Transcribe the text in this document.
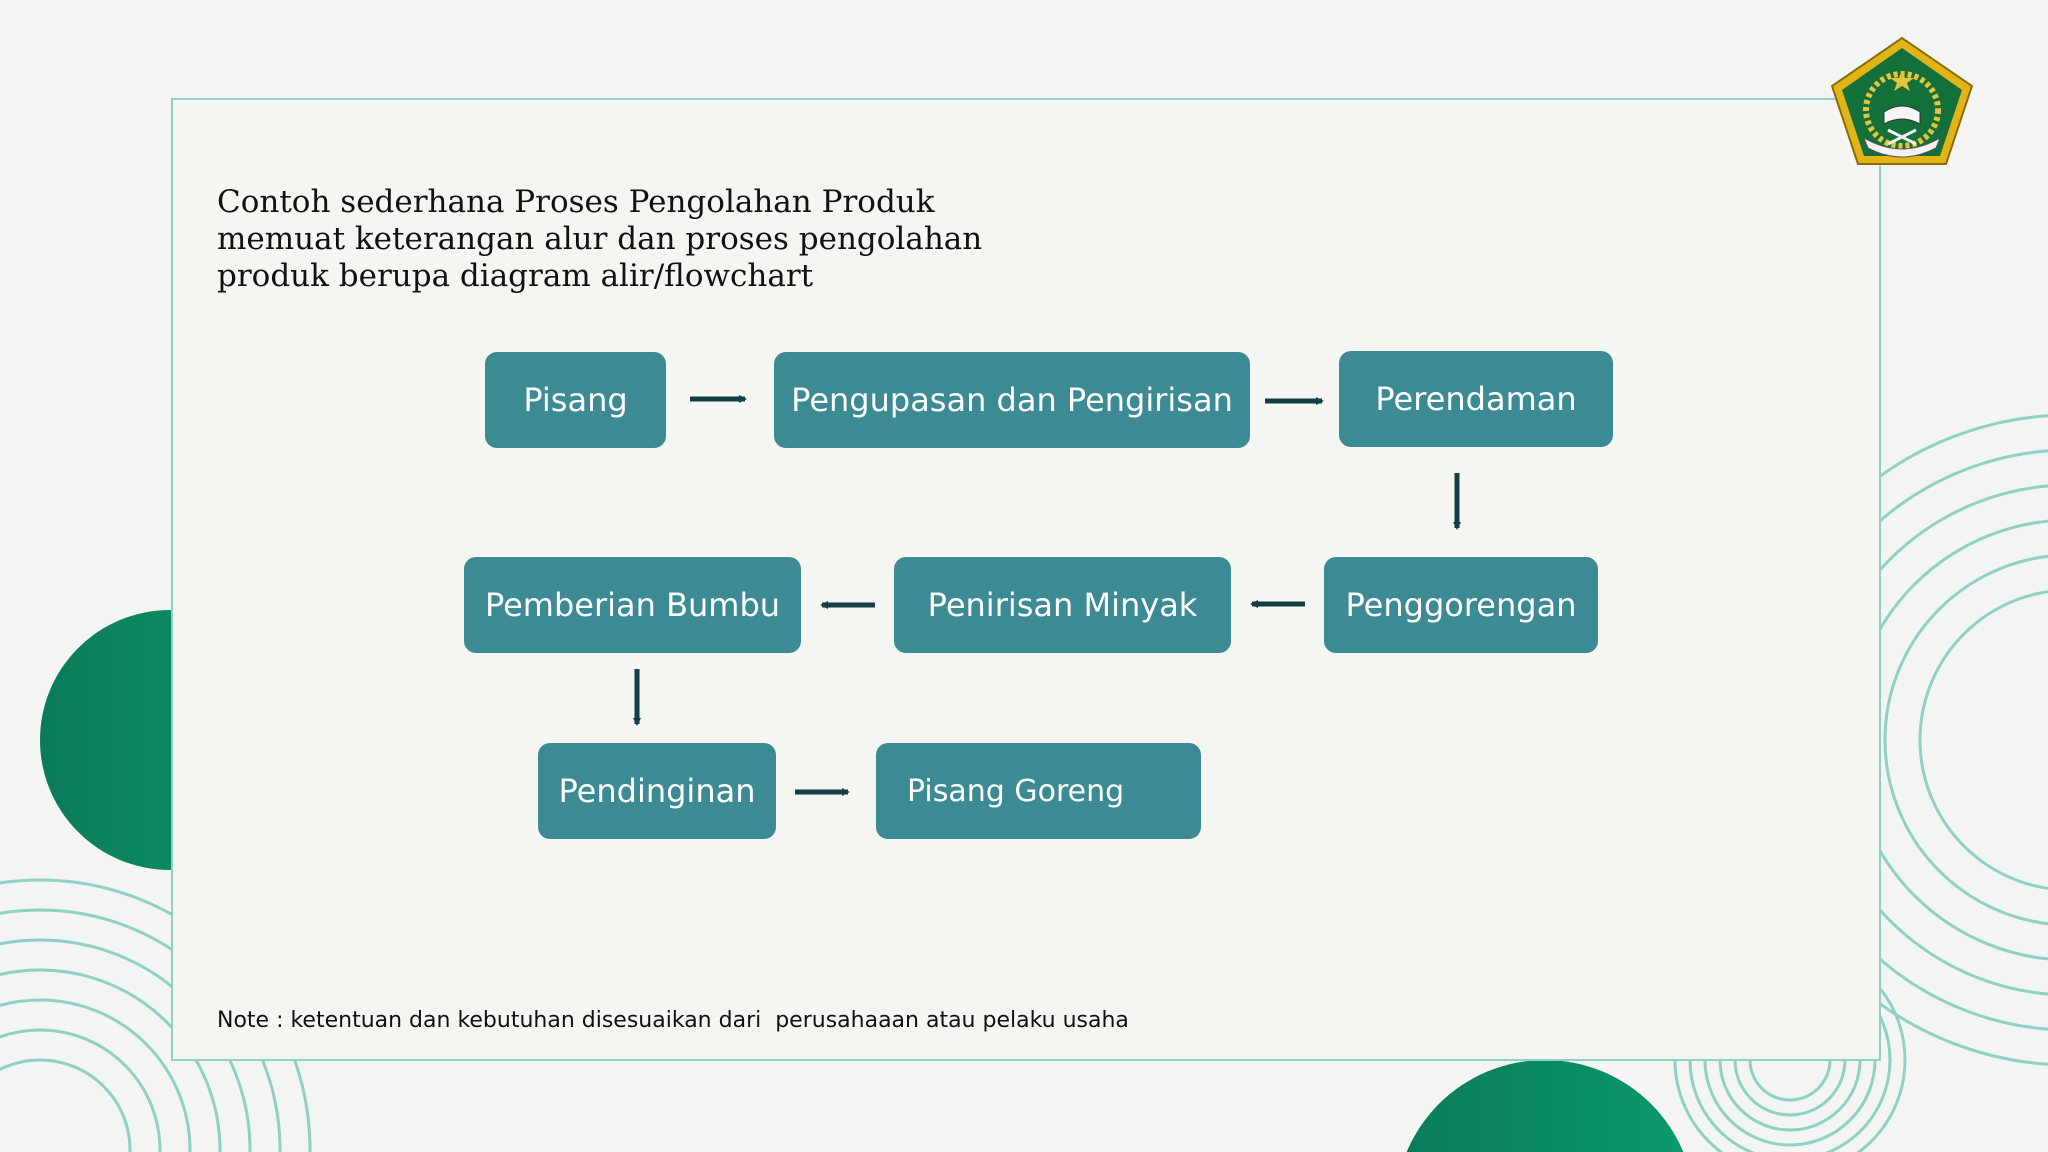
Contoh sederhana Proses Pengolahan Produk
memuat keterangan alur dan proses pengolahan
produk berupa diagram alir/flowchart
Pisang	Pengupasan dan Pengirisan	Perendaman
Penggorengan
Penirisan Minyak
Pemberian Bumbu
Pendinginan	Pisang Goreng
Note : ketentuan dan kebutuhan disesuaikan dari  perusahaaan atau pelaku usaha
